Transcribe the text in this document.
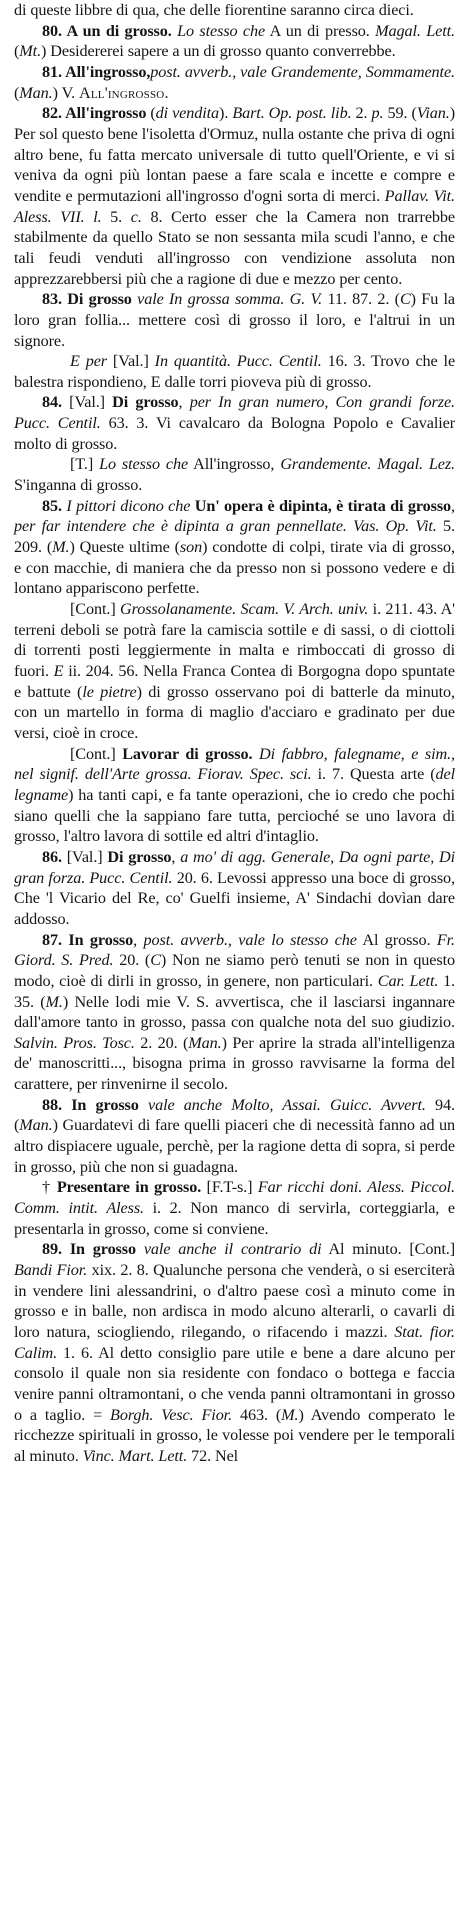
di queste libbre di qua, che delle fiorentine saranno circa dieci.

80. A un di grosso. Lo stesso che A un di presso. Magal. Lett. (Mt.) Desidererei sapere a un di grosso quanto converrebbe.

81. All'ingrosso,post. avverb., vale Grandemente, Sommamente. (Man.) V. All'ingrosso.

82. All'ingrosso (di vendita). Bart. Op. post. lib. 2. p. 59. (Vian.) Per sol questo bene l'isoletta d'Ormuz, nulla ostante che priva di ogni altro bene, fu fatta mercato universale di tutto quell'Oriente, e vi si veniva da ogni più lontan paese a fare scala e incette e compre e vendite e permutazioni all'ingrosso d'ogni sorta di merci. Pallav. Vit. Aless. VII. l. 5. c. 8. Certo esser che la Camera non trarrebbe stabilmente da quello Stato se non sessanta mila scudi l'anno, e che tali feudi venduti all'ingrosso con vendizione assoluta non apprezzarebbersi più che a ragione di due e mezzo per cento.

83. Di grosso vale In grossa somma. G. V. 11. 87. 2. (C) Fu la loro gran follia... mettere così di grosso il loro, e l'altrui in un signore.

E per [Val.] In quantità. Pucc. Centil. 16. 3. Trovo che le balestra rispondieno, E dalle torri pioveva più di grosso.

84. [Val.] Di grosso, per In gran numero, Con grandi forze. Pucc. Centil. 63. 3. Vi cavalcaro da Bologna Popolo e Cavalier molto di grosso.

[T.] Lo stesso che All'ingrosso, Grandemente. Magal. Lez. S'inganna di grosso.

85. I pittori dicono che Un' opera è dipinta, è tirata di grosso, per far intendere che è dipinta a gran pennellate. Vas. Op. Vit. 5. 209. (M.) Queste ultime (son) condotte di colpi, tirate via di grosso, e con macchie, di maniera che da presso non si possono vedere e di lontano appariscono perfette.

[Cont.] Grossolanamente. Scam. V. Arch. univ. i. 211. 43. A' terreni deboli se potrà fare la camiscia sottile e di sassi, o di ciottoli di torrenti posti leggiermente in malta e rimboccati di grosso di fuori. E ii. 204. 56. Nella Franca Contea di Borgogna dopo spuntate e battute (le pietre) di grosso osservano poi di batterle da minuto, con un martello in forma di maglio d'acciaro e gradinato per due versi, cioè in croce.

[Cont.] Lavorar di grosso. Di fabbro, falegname, e sim., nel signif. dell'Arte grossa. Fiorav. Spec. sci. i. 7. Questa arte (del legname) ha tanti capi, e fa tante operazioni, che io credo che pochi siano quelli che la sappiano fare tutta, percioché se uno lavora di grosso, l'altro lavora di sottile ed altri d'intaglio.

86. [Val.] Di grosso, a mo' di agg. Generale, Da ogni parte, Di gran forza. Pucc. Centil. 20. 6. Levossi appresso una boce di grosso, Che 'l Vicario del Re, co' Guelfi insieme, A' Sindachi dovìan dare addosso.

87. In grosso, post. avverb., vale lo stesso che Al grosso. Fr. Giord. S. Pred. 20. (C) Non ne siamo però tenuti se non in questo modo, cioè di dirli in grosso, in genere, non particulari. Car. Lett. 1. 35. (M.) Nelle lodi mie V. S. avvertisca, che il lasciarsi ingannare dall'amore tanto in grosso, passa con qualche nota del suo giudizio. Salvin. Pros. Tosc. 2. 20. (Man.) Per aprire la strada all'intelligenza de' manoscritti..., bisogna prima in grosso ravvisarne la forma del carattere, per rinvenirne il secolo.

88. In grosso vale anche Molto, Assai. Guicc. Avvert. 94. (Man.) Guardatevi di fare quelli piaceri che di necessità fanno ad un altro dispiacere uguale, perchè, per la ragione detta di sopra, si perde in grosso, più che non si guadagna.

† Presentare in grosso. [F.T-s.] Far ricchi doni. Aless. Piccol. Comm. intit. Aless. i. 2. Non manco di servirla, corteggiarla, e presentarla in grosso, come si conviene.

89. In grosso vale anche il contrario di Al minuto. [Cont.] Bandi Fior. xix. 2. 8. Qualunche persona che venderà, o si eserciterà in vendere lini alessandrini, o d'altro paese così a minuto come in grosso e in balle, non ardisca in modo alcuno alterarli, o cavarli di loro natura, sciogliendo, rilegando, o rifacendo i mazzi. Stat. fior. Calim. 1. 6. Al detto consiglio pare utile e bene a dare alcuno per consolo il quale non sia residente con fondaco o bottega e faccia venire panni oltramontani, o che venda panni oltramontani in grosso o a taglio. = Borgh. Vesc. Fior. 463. (M.) Avendo comperato le ricchezze spirituali in grosso, le volesse poi vendere per le temporali al minuto. Vinc. Mart. Lett. 72. Nel
